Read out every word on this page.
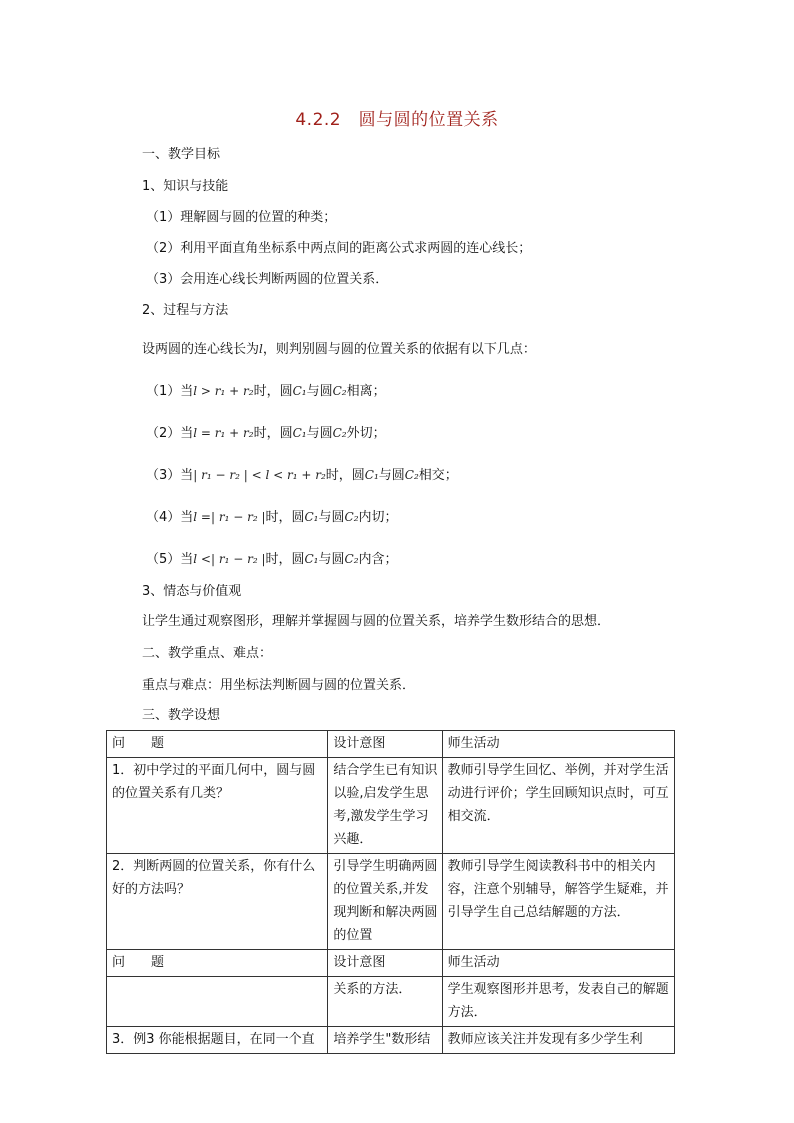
4.2.2　圆与圆的位置关系
一、教学目标
1、知识与技能
（1）理解圆与圆的位置的种类；
（2）利用平面直角坐标系中两点间的距离公式求两圆的连心线长；
（3）会用连心线长判断两圆的位置关系．
2、过程与方法
设两圆的连心线长为l，则判别圆与圆的位置关系的依据有以下几点：
（1）当l > r₁ + r₂时，圆C₁与圆C₂相离；
（2）当l = r₁ + r₂时，圆C₁与圆C₂外切；
（3）当| r₁ − r₂ | < l < r₁ + r₂时，圆C₁与圆C₂相交；
（4）当l =| r₁ − r₂ |时，圆C₁与圆C₂内切；
（5）当l <| r₁ − r₂ |时，圆C₁与圆C₂内含；
3、情态与价值观
让学生通过观察图形，理解并掌握圆与圆的位置关系，培养学生数形结合的思想．
二、教学重点、难点：
重点与难点：用坐标法判断圆与圆的位置关系．
三、教学设想
问　　题	设计意图	师生活动
1．初中学过的平面几何中，圆与圆的位置关系有几类？	结合学生已有知识以验,启发学生思考,激发学生学习兴趣．	教师引导学生回忆、举例，并对学生活动进行评价；学生回顾知识点时，可互相交流．
2．判断两圆的位置关系，你有什么好的方法吗？	引导学生明确两圆的位置关系,并发现判断和解决两圆的位置	教师引导学生阅读教科书中的相关内容，注意个别辅导，解答学生疑难，并引导学生自己总结解题的方法．
问　　题	设计意图	师生活动
	关系的方法．	学生观察图形并思考，发表自己的解题方法．
3．例3 你能根据题目，在同一个直	培养学生"数形结	教师应该关注并发现有多少学生利
